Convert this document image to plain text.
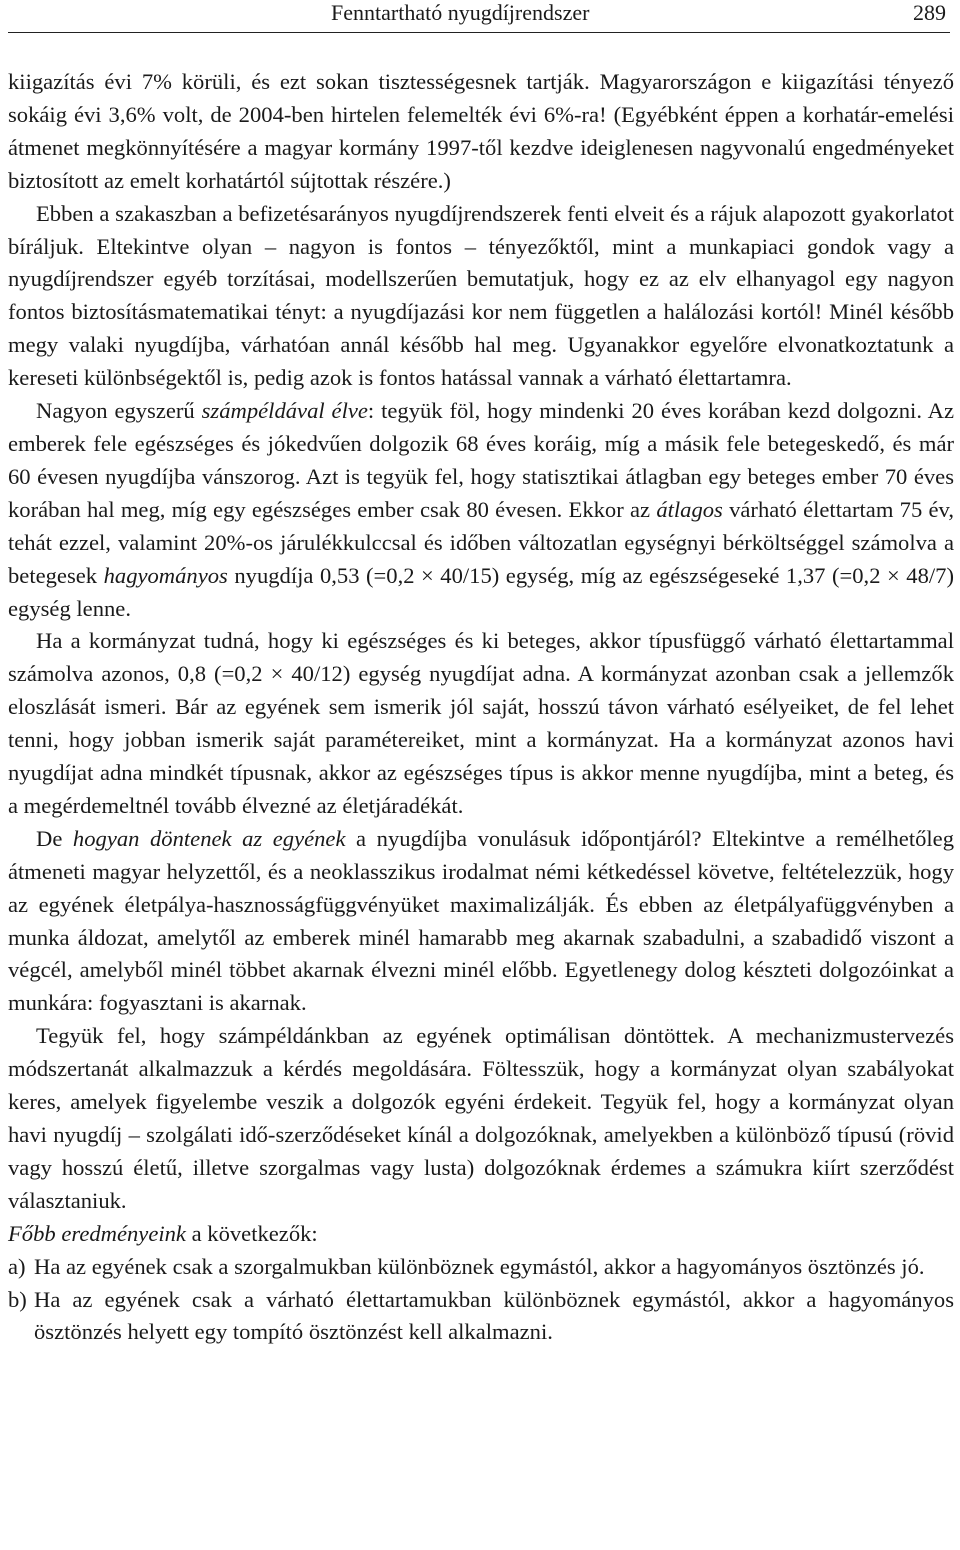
Fenntartható nyugdíjrendszer	289

kiigazítás évi 7% körüli, és ezt sokan tisztességesnek tartják. Magyarországon e kiigazítási tényező sokáig évi 3,6% volt, de 2004-ben hirtelen felemelték évi 6%-ra! (Egyébként éppen a korhatár-emelési átmenet megkönnyítésére a magyar kormány 1997-től kezdve ideiglenesen nagyvonalú engedményeket biztosított az emelt korhatártól sújtottak részére.)

Ebben a szakaszban a befizetésarányos nyugdíjrendszerek fenti elveit és a rájuk alapozott gyakorlatot bíráljuk. Eltekintve olyan – nagyon is fontos – tényezőktől, mint a munkapiaci gondok vagy a nyugdíjrendszer egyéb torzításai, modellszerűen bemutatjuk, hogy ez az elv elhanyagol egy nagyon fontos biztosításmatematikai tényt: a nyugdíjazási kor nem független a halálozási kortól! Minél később megy valaki nyugdíjba, várhatóan annál később hal meg. Ugyanakkor egyelőre elvonatkoztatunk a kereseti különbségektől is, pedig azok is fontos hatással vannak a várható élettartamra.

Nagyon egyszerű számpéldával élve: tegyük föl, hogy mindenki 20 éves korában kezd dolgozni. Az emberek fele egészséges és jókedvűen dolgozik 68 éves koráig, míg a másik fele betegeskedő, és már 60 évesen nyugdíjba vánszorog. Azt is tegyük fel, hogy statisztikai átlagban egy beteges ember 70 éves korában hal meg, míg egy egészséges ember csak 80 évesen. Ekkor az átlagos várható élettartam 75 év, tehát ezzel, valamint 20%-os járulékkulccsal és időben változatlan egységnyi bérköltséggel számolva a betegesek hagyományos nyugdíja 0,53 (=0,2 × 40/15) egység, míg az egészségeseké 1,37 (=0,2 × 48/7) egység lenne.

Ha a kormányzat tudná, hogy ki egészséges és ki beteges, akkor típusfüggő várható élettartammal számolva azonos, 0,8 (=0,2 × 40/12) egység nyugdíjat adna. A kormányzat azonban csak a jellemzők eloszlását ismeri. Bár az egyének sem ismerik jól saját, hosszú távon várható esélyeiket, de fel lehet tenni, hogy jobban ismerik saját paramétereiket, mint a kormányzat. Ha a kormányzat azonos havi nyugdíjat adna mindkét típusnak, akkor az egészséges típus is akkor menne nyugdíjba, mint a beteg, és a megérdemeltnél tovább élvezné az életjáradékát.

De hogyan döntenek az egyének a nyugdíjba vonulásuk időpontjáról? Eltekintve a remélhetőleg átmeneti magyar helyzettől, és a neoklasszikus irodalmat némi kétkedéssel követve, feltételezzük, hogy az egyének életpálya-hasznosságfüggvényüket maximalizálják. És ebben az életpályafüggvényben a munka áldozat, amelytől az emberek minél hamarabb meg akarnak szabadulni, a szabadidő viszont a végcél, amelyből minél többet akarnak élvezni minél előbb. Egyetlenegy dolog készteti dolgozóinkat a munkára: fogyasztani is akarnak.

Tegyük fel, hogy számpéldánkban az egyének optimálisan döntöttek. A mechanizmustervezés módszertanát alkalmazzuk a kérdés megoldására. Föltesszük, hogy a kormányzat olyan szabályokat keres, amelyek figyelembe veszik a dolgozók egyéni érdekeit. Tegyük fel, hogy a kormányzat olyan havi nyugdíj – szolgálati idő-szerződéseket kínál a dolgozóknak, amelyekben a különböző típusú (rövid vagy hosszú életű, illetve szorgalmas vagy lusta) dolgozóknak érdemes a számukra kiírt szerződést választaniuk.

Főbb eredményeink a következők:

a) Ha az egyének csak a szorgalmukban különböznek egymástól, akkor a hagyományos ösztönzés jó.
b) Ha az egyének csak a várható élettartamukban különböznek egymástól, akkor a hagyományos ösztönzés helyett egy tompító ösztönzést kell alkalmazni.
